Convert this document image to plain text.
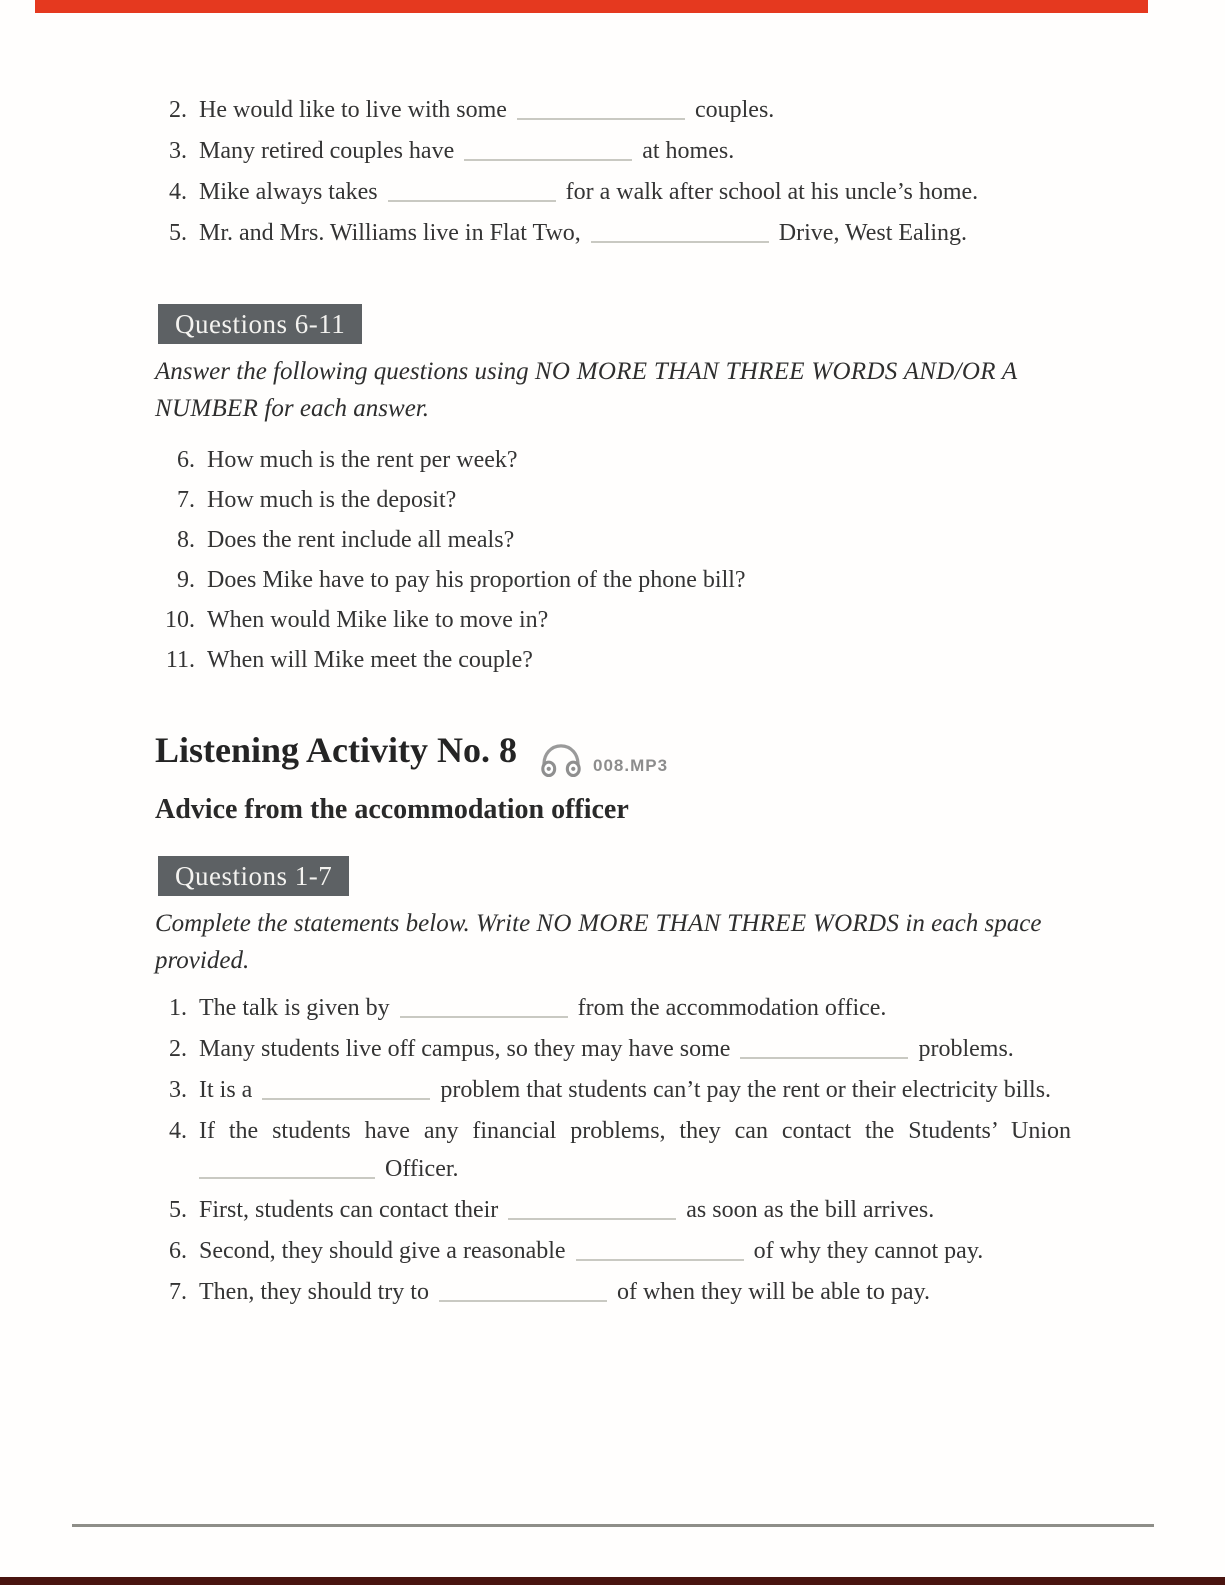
2. He would like to live with some	couples.
3. Many retired couples have	at homes.
4. Mike always takes	for a walk after school at his uncle’s home.
5. Mr. and Mrs. Williams live in Flat Two,	Drive, West Ealing.
Questions 6-11
Answer the following questions using NO MORE THAN THREE WORDS AND/OR A
NUMBER for each answer.
6. How much is the rent per week?
7. How much is the deposit?
8. Does the rent include all meals?
9. Does Mike have to pay his proportion of the phone bill?
10. When would Mike like to move in?
11. When will Mike meet the couple?
Listening Activity No. 8	008.MP3
Advice from the accommodation officer
Questions 1-7
Complete the statements below. Write NO MORE THAN THREE WORDS in each space
provided.
1. The talk is given by	from the accommodation office.
2. Many students live off campus, so they may have some	problems.
3. It is a	problem that students can’t pay the rent or their electricity bills.
4. If the students have any financial problems, they can contact the Students’ Union
Officer.
5. First, students can contact their	as soon as the bill arrives.
6. Second, they should give a reasonable	of why they cannot pay.
7. Then, they should try to	of when they will be able to pay.
